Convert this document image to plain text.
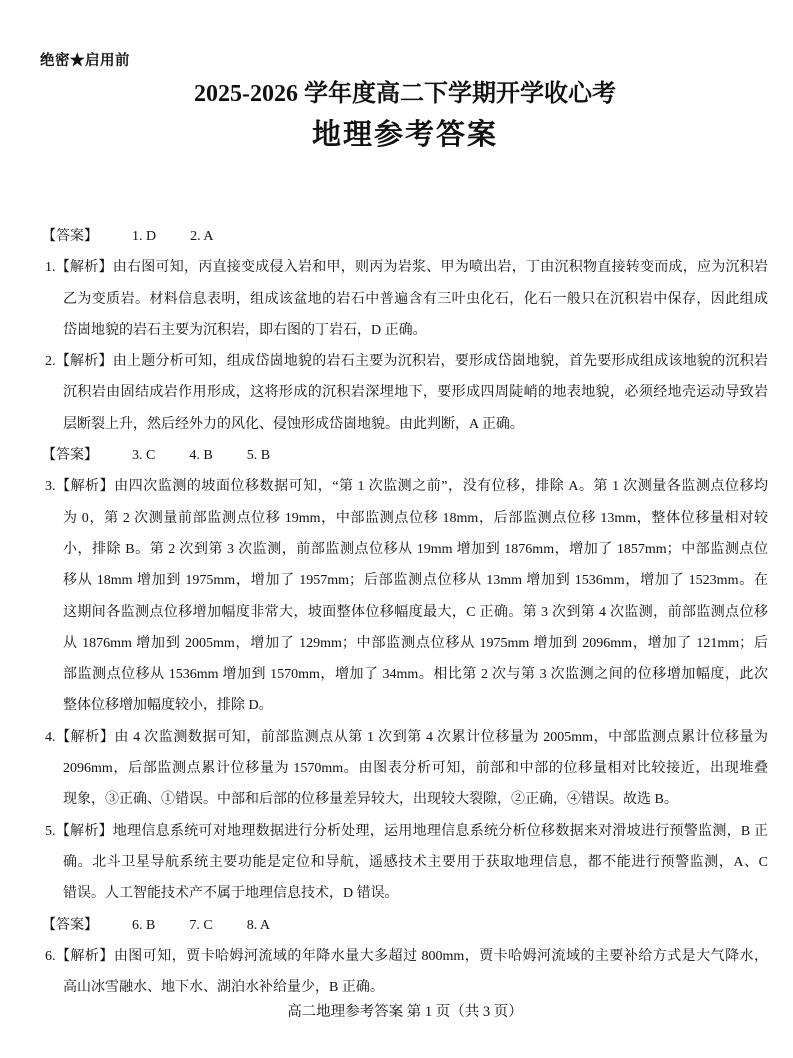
绝密★启用前
2025-2026 学年度高二下学期开学收心考
地理参考答案
【答案】 1. D 2. A
1.【解析】由右图可知，丙直接变成侵入岩和甲，则丙为岩浆、甲为喷出岩，丁由沉积物直接转变而成，应为沉积岩
乙为变质岩。材料信息表明，组成该盆地的岩石中普遍含有三叶虫化石，化石一般只在沉积岩中保存，因此组成
岱崮地貌的岩石主要为沉积岩，即右图的丁岩石，D 正确。
2.【解析】由上题分析可知，组成岱崮地貌的岩石主要为沉积岩，要形成岱崮地貌，首先要形成组成该地貌的沉积岩
沉积岩由固结成岩作用形成，这将形成的沉积岩深埋地下，要形成四周陡峭的地表地貌，必须经地壳运动导致岩
层断裂上升，然后经外力的风化、侵蚀形成岱崮地貌。由此判断，A 正确。
【答案】 3. C 4. B 5. B
3.【解析】由四次监测的坡面位移数据可知，“第 1 次监测之前”，没有位移，排除 A。第 1 次测量各监测点位移均
为 0，第 2 次测量前部监测点位移 19mm，中部监测点位移 18mm，后部监测点位移 13mm，整体位移量相对较
小，排除 B。第 2 次到第 3 次监测，前部监测点位移从 19mm 增加到 1876mm，增加了 1857mm；中部监测点位
移从 18mm 增加到 1975mm，增加了 1957mm；后部监测点位移从 13mm 增加到 1536mm，增加了 1523mm。在
这期间各监测点位移增加幅度非常大，坡面整体位移幅度最大，C 正确。第 3 次到第 4 次监测，前部监测点位移
从 1876mm 增加到 2005mm，增加了 129mm；中部监测点位移从 1975mm 增加到 2096mm，增加了 121mm；后
部监测点位移从 1536mm 增加到 1570mm，增加了 34mm。相比第 2 次与第 3 次监测之间的位移增加幅度，此次
整体位移增加幅度较小，排除 D。
4.【解析】由 4 次监测数据可知，前部监测点从第 1 次到第 4 次累计位移量为 2005mm，中部监测点累计位移量为
2096mm，后部监测点累计位移量为 1570mm。由图表分析可知，前部和中部的位移量相对比较接近，出现堆叠
现象，③正确、①错误。中部和后部的位移量差异较大，出现较大裂隙，②正确，④错误。故选 B。
5.【解析】地理信息系统可对地理数据进行分析处理，运用地理信息系统分析位移数据来对滑坡进行预警监测，B 正
确。北斗卫星导航系统主要功能是定位和导航，遥感技术主要用于获取地理信息，都不能进行预警监测，A、C
错误。人工智能技术产不属于地理信息技术，D 错误。
【答案】 6. B 7. C 8. A
6.【解析】由图可知，贾卡哈姆河流域的年降水量大多超过 800mm，贾卡哈姆河流域的主要补给方式是大气降水，
高山冰雪融水、地下水、湖泊水补给量少，B 正确。
高二地理参考答案 第 1 页（共 3 页）
